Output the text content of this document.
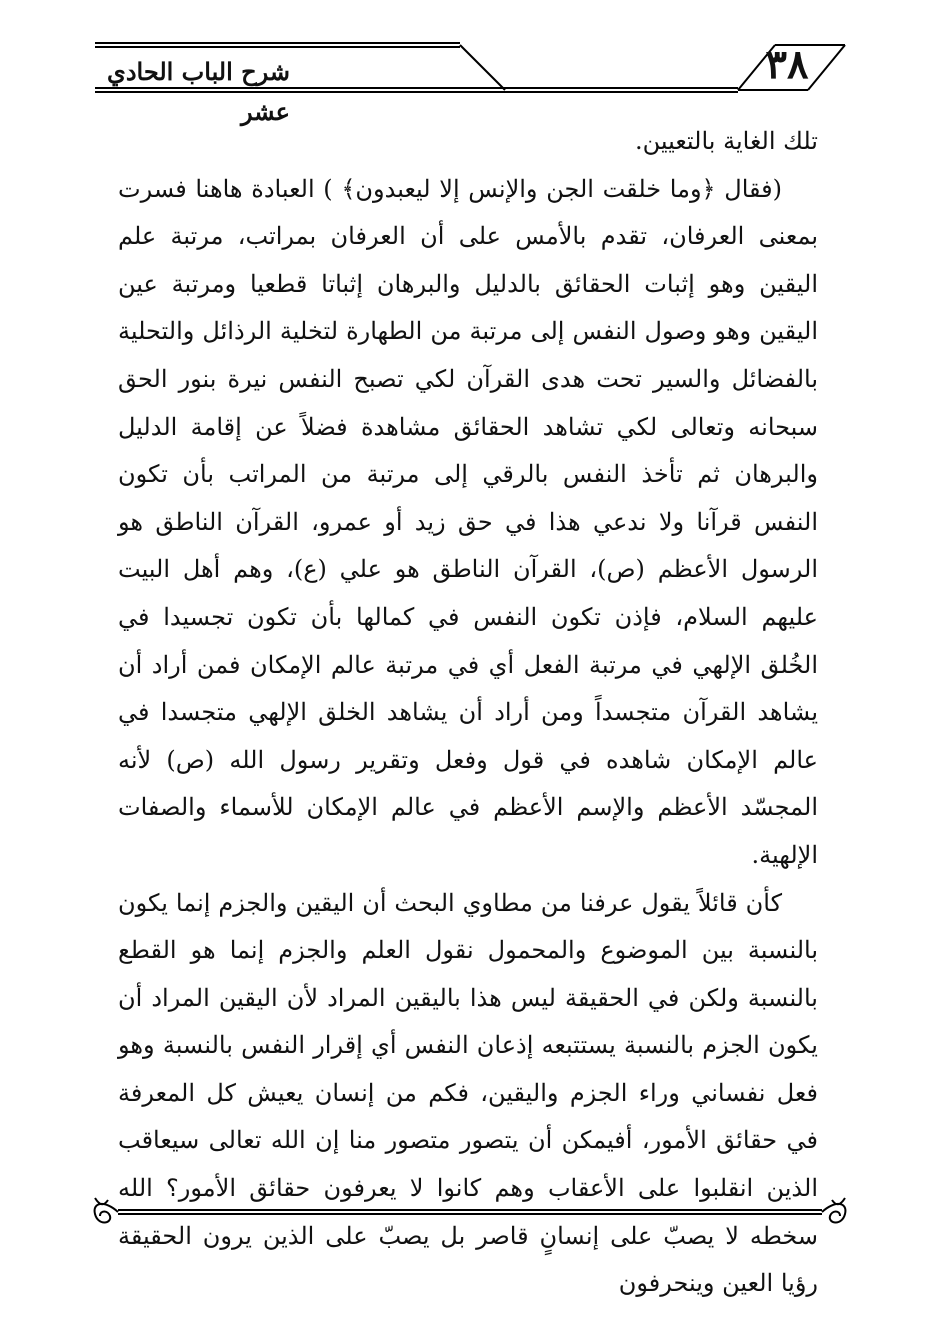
٣٨
شرح الباب الحادي عشر

تلك الغاية بالتعيين.

(فقال ﴿وما خلقت الجن والإنس إلا ليعبدون﴾ ) العبادة هاهنا فسرت بمعنى العرفان، تقدم بالأمس على أن العرفان بمراتب، مرتبة علم اليقين وهو إثبات الحقائق بالدليل والبرهان إثباتا قطعيا ومرتبة عين اليقين وهو وصول النفس إلى مرتبة من الطهارة لتخلية الرذائل والتحلية بالفضائل والسير تحت هدى القرآن لكي تصبح النفس نيرة بنور الحق سبحانه وتعالى لكي تشاهد الحقائق مشاهدة فضلاً عن إقامة الدليل والبرهان ثم تأخذ النفس بالرقي إلى مرتبة من المراتب بأن تكون النفس قرآنا ولا ندعي هذا في حق زيد أو عمرو، القرآن الناطق هو الرسول الأعظم (ص)، القرآن الناطق هو علي (ع)، وهم أهل البيت عليهم السلام، فإذن تكون النفس في كمالها بأن تكون تجسيدا في الخُلق الإلهي في مرتبة الفعل أي في مرتبة عالم الإمكان فمن أراد أن يشاهد القرآن متجسداً ومن أراد أن يشاهد الخلق الإلهي متجسدا في عالم الإمكان شاهده في قول وفعل وتقرير رسول الله (ص) لأنه المجسّد الأعظم والإسم الأعظم في عالم الإمكان للأسماء والصفات الإلهية.

كأن قائلاً يقول عرفنا من مطاوي البحث أن اليقين والجزم إنما يكون بالنسبة بين الموضوع والمحمول نقول العلم والجزم إنما هو القطع بالنسبة ولكن في الحقيقة ليس هذا باليقين المراد لأن اليقين المراد أن يكون الجزم بالنسبة يستتبعه إذعان النفس أي إقرار النفس بالنسبة وهو فعل نفساني وراء الجزم واليقين، فكم من إنسان يعيش كل المعرفة في حقائق الأمور، أفيمكن أن يتصور متصور منا إن الله تعالى سيعاقب الذين انقلبوا على الأعقاب وهم كانوا لا يعرفون حقائق الأمور؟ الله سخطه لا يصبّ على إنسانٍ قاصر بل يصبّ على الذين يرون الحقيقة رؤيا العين وينحرفون
